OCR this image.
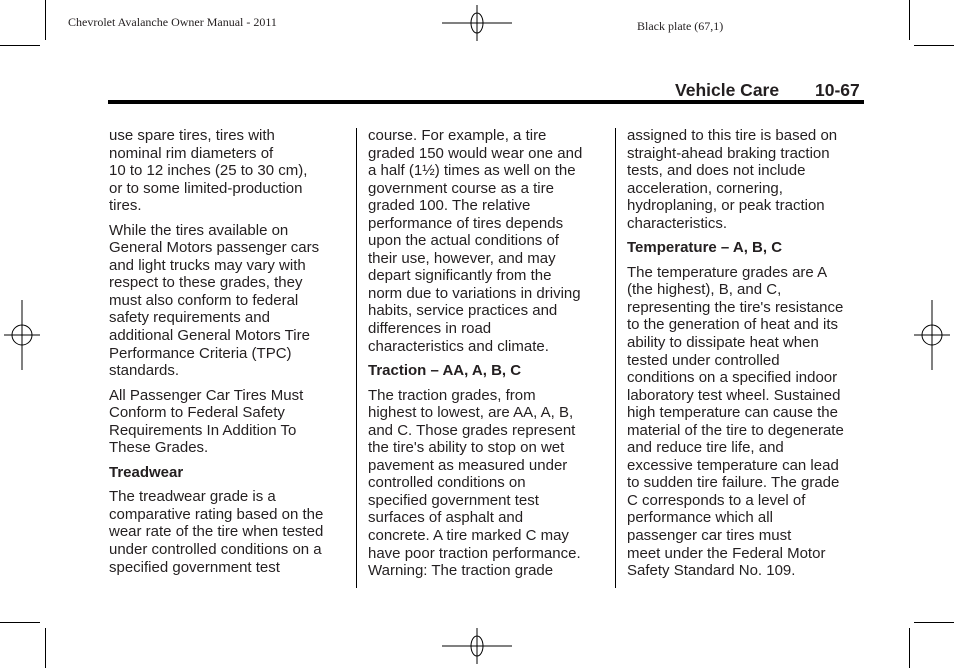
Chevrolet Avalanche Owner Manual - 2011	Black plate (67,1)
Vehicle Care 10-67

use spare tires, tires with
nominal rim diameters of
10 to 12 inches (25 to 30 cm),
or to some limited-production
tires.

While the tires available on
General Motors passenger cars
and light trucks may vary with
respect to these grades, they
must also conform to federal
safety requirements and
additional General Motors Tire
Performance Criteria (TPC)
standards.

All Passenger Car Tires Must
Conform to Federal Safety
Requirements In Addition To
These Grades.

Treadwear

The treadwear grade is a
comparative rating based on the
wear rate of the tire when tested
under controlled conditions on a
specified government test

course. For example, a tire
graded 150 would wear one and
a half (1½) times as well on the
government course as a tire
graded 100. The relative
performance of tires depends
upon the actual conditions of
their use, however, and may
depart significantly from the
norm due to variations in driving
habits, service practices and
differences in road
characteristics and climate.

Traction – AA, A, B, C

The traction grades, from
highest to lowest, are AA, A, B,
and C. Those grades represent
the tire's ability to stop on wet
pavement as measured under
controlled conditions on
specified government test
surfaces of asphalt and
concrete. A tire marked C may
have poor traction performance.
Warning: The traction grade

assigned to this tire is based on
straight-ahead braking traction
tests, and does not include
acceleration, cornering,
hydroplaning, or peak traction
characteristics.

Temperature – A, B, C

The temperature grades are A
(the highest), B, and C,
representing the tire's resistance
to the generation of heat and its
ability to dissipate heat when
tested under controlled
conditions on a specified indoor
laboratory test wheel. Sustained
high temperature can cause the
material of the tire to degenerate
and reduce tire life, and
excessive temperature can lead
to sudden tire failure. The grade
C corresponds to a level of
performance which all
passenger car tires must
meet under the Federal Motor
Safety Standard No. 109.
